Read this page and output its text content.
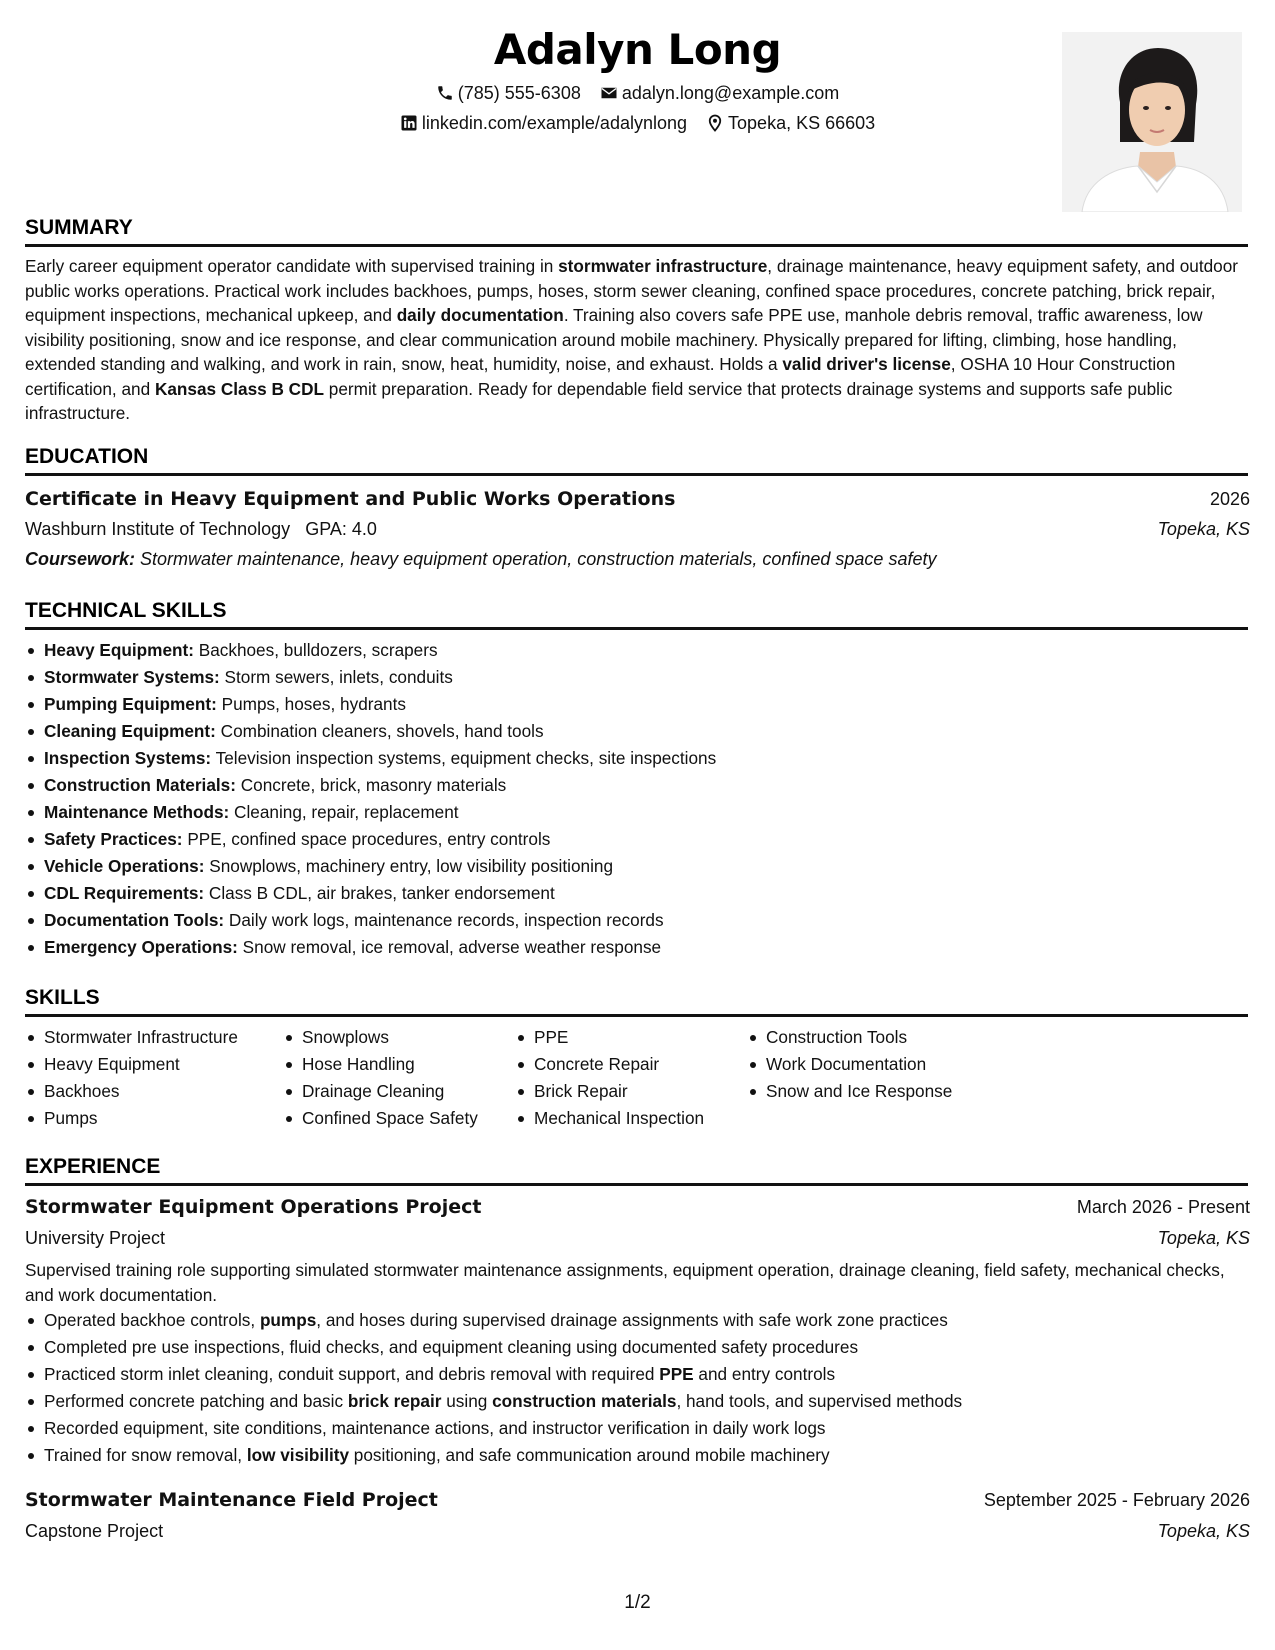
Adalyn Long
(785) 555-6308 adalyn.long@example.com
linkedin.com/example/adalynlong Topeka, KS 66603
SUMMARY
Early career equipment operator candidate with supervised training in stormwater infrastructure, drainage maintenance, heavy equipment safety, and outdoor public works operations. Practical work includes backhoes, pumps, hoses, storm sewer cleaning, confined space procedures, concrete patching, brick repair, equipment inspections, mechanical upkeep, and daily documentation. Training also covers safe PPE use, manhole debris removal, traffic awareness, low visibility positioning, snow and ice response, and clear communication around mobile machinery. Physically prepared for lifting, climbing, hose handling, extended standing and walking, and work in rain, snow, heat, humidity, noise, and exhaust. Holds a valid driver's license, OSHA 10 Hour Construction certification, and Kansas Class B CDL permit preparation. Ready for dependable field service that protects drainage systems and supports safe public infrastructure.
EDUCATION
Certificate in Heavy Equipment and Public Works Operations	2026
Washburn Institute of Technology GPA: 4.0	Topeka, KS
Coursework: Stormwater maintenance, heavy equipment operation, construction materials, confined space safety
TECHNICAL SKILLS
Heavy Equipment: Backhoes, bulldozers, scrapers
Stormwater Systems: Storm sewers, inlets, conduits
Pumping Equipment: Pumps, hoses, hydrants
Cleaning Equipment: Combination cleaners, shovels, hand tools
Inspection Systems: Television inspection systems, equipment checks, site inspections
Construction Materials: Concrete, brick, masonry materials
Maintenance Methods: Cleaning, repair, replacement
Safety Practices: PPE, confined space procedures, entry controls
Vehicle Operations: Snowplows, machinery entry, low visibility positioning
CDL Requirements: Class B CDL, air brakes, tanker endorsement
Documentation Tools: Daily work logs, maintenance records, inspection records
Emergency Operations: Snow removal, ice removal, adverse weather response
SKILLS
Stormwater Infrastructure
Heavy Equipment
Backhoes
Pumps
Snowplows
Hose Handling
Drainage Cleaning
Confined Space Safety
PPE
Concrete Repair
Brick Repair
Mechanical Inspection
Construction Tools
Work Documentation
Snow and Ice Response
EXPERIENCE
Stormwater Equipment Operations Project	March 2026 - Present
University Project	Topeka, KS
Supervised training role supporting simulated stormwater maintenance assignments, equipment operation, drainage cleaning, field safety, mechanical checks, and work documentation.
Operated backhoe controls, pumps, and hoses during supervised drainage assignments with safe work zone practices
Completed pre use inspections, fluid checks, and equipment cleaning using documented safety procedures
Practiced storm inlet cleaning, conduit support, and debris removal with required PPE and entry controls
Performed concrete patching and basic brick repair using construction materials, hand tools, and supervised methods
Recorded equipment, site conditions, maintenance actions, and instructor verification in daily work logs
Trained for snow removal, low visibility positioning, and safe communication around mobile machinery
Stormwater Maintenance Field Project	September 2025 - February 2026
Capstone Project	Topeka, KS
1/2
